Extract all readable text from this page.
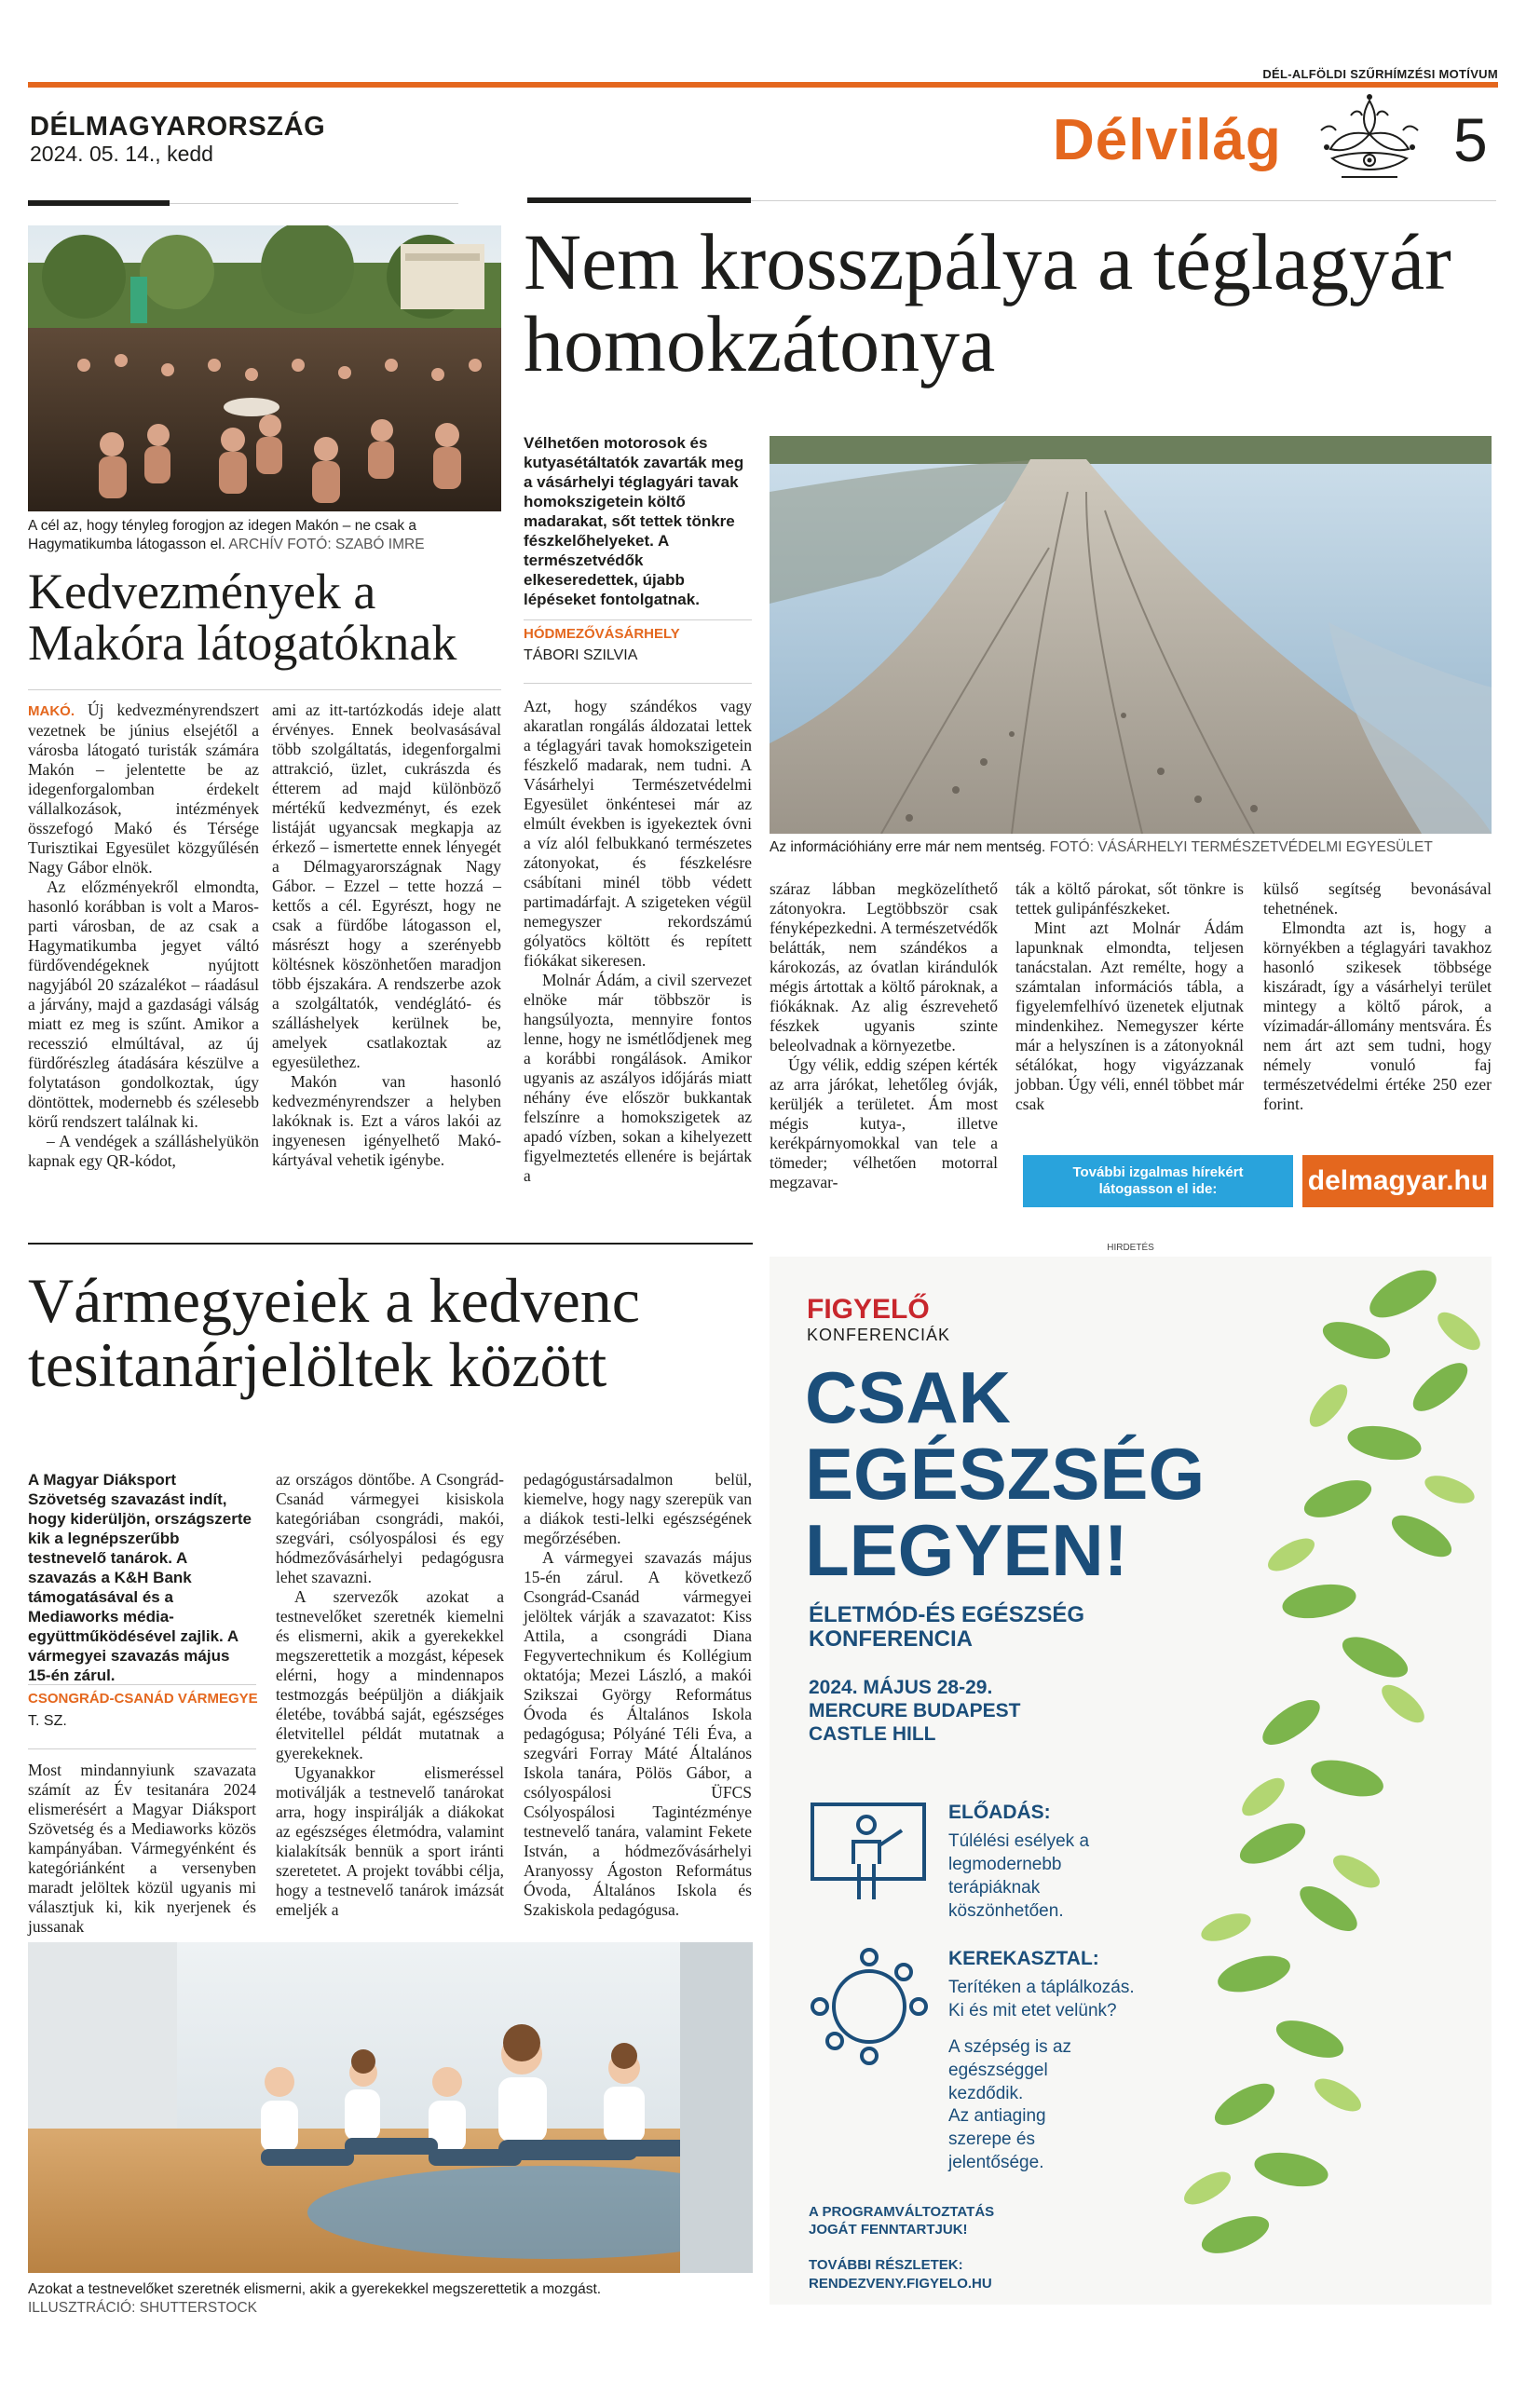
DÉL-ALFÖLDI SZŰRHÍMZÉSI MOTÍVUM
DÉLMAGYARORSZÁG
2024. 05. 14., kedd	Délvilág	5
A cél az, hogy tényleg forogjon az idegen Makón – ne csak a Hagymatikumba látogasson el. ARCHÍV FOTÓ: SZABÓ IMRE
Kedvezmények a Makóra látogatóknak

MAKÓ. Új kedvezményrendszert vezetnek be június elsejétől a városba látogató turisták számára Makón – jelentette be az idegenforgalomban érdekelt vállalkozások, intézmények összefogó Makó és Térsége Turisztikai Egyesület közgyűlésén Nagy Gábor elnök.

Az előzményekről elmondta, hasonló korábban is volt a Maros-parti városban, de az csak a Hagymatikumba jegyet váltó fürdővendégeknek nyújtott nagyjából 20 százalékot – ráadásul a járvány, majd a gazdasági válság miatt ez meg is szűnt. Amikor a recesszió elmúltával, az új fürdőrészleg átadására készülve a folytatáson gondolkoztak, úgy döntöttek, modernebb és szélesebb körű rendszert találnak ki.

– A vendégek a szálláshelyükön kapnak egy QR-kódot,

ami az itt-tartózkodás ideje alatt érvényes. Ennek beolvasásával több szolgáltatás, idegenforgalmi attrakció, üzlet, cukrászda és étterem ad majd különböző mértékű kedvezményt, és ezek listáját ugyancsak megkapja az érkező – ismertette ennek lényegét a Délmagyarországnak Nagy Gábor. – Ezzel – tette hozzá – kettős a cél. Egyrészt, hogy ne csak a fürdőbe látogasson el, másrészt hogy a szerényebb költésnek köszönhetően maradjon több éjszakára. A rendszerbe azok a szolgáltatók, vendéglátó- és szálláshelyek kerülnek be, amelyek csatlakoztak az egyesülethez.

Makón van hasonló kedvezményrendszer a helyben lakóknak is. Ezt a város lakói az ingyenesen igényelhető Makó-kártyával vehetik igénybe.

Nem krosszpálya a téglagyár homokzátonya
Vélhetően motorosok és kutyasétáltatók zavarták meg a vásárhelyi téglagyári tavak homokszigetein költő madarakat, sőt tettek tönkre fészkelőhelyeket. A természetvédők elkeseredettek, újabb lépéseket fontolgatnak.
HÓDMEZŐVÁSÁRHELY
TÁBORI SZILVIA
Az információhiány erre már nem mentség. FOTÓ: VÁSÁRHELYI TERMÉSZETVÉDELMI EGYESÜLET

Azt, hogy szándékos vagy akaratlan rongálás áldozatai lettek a téglagyári tavak homokszigetein fészkelő madarak, nem tudni. A Vásárhelyi Természetvédelmi Egyesület önkéntesei már az elmúlt években is igyekeztek óvni a víz alól felbukkanó természetes zátonyokat, és fészkelésre csábítani minél több védett partimadárfajt. A szigeteken végül nemegyszer rekordszámú gólyatöcs költött és repített fiókákat sikeresen.

Molnár Ádám, a civil szervezet elnöke már többször is hangsúlyozta, mennyire fontos lenne, hogy ne ismétlődjenek meg a korábbi rongálások. Amikor ugyanis az aszályos időjárás miatt néhány éve először bukkantak felszínre a homokszigetek az apadó vízben, sokan a kihelyezett figyelmeztetés ellenére is bejártak a

száraz lábban megközelíthető zátonyokra. Legtöbbször csak fényképezkedni. A természetvédők belátták, nem szándékos a károkozás, az óvatlan kirándulók mégis ártottak a költő pároknak, a fiókáknak. Az alig észrevehető fészkek ugyanis szinte beleolvadnak a környezetbe.

Úgy vélik, eddig szépen kérték az arra járókat, lehetőleg óvják, kerüljék a területet. Ám most mégis kutya-, illetve kerékpárnyomokkal van tele a tömeder; vélhetően motorral megzavar-

ták a költő párokat, sőt tönkre is tettek gulipánfészkeket.

Mint azt Molnár Ádám lapunknak elmondta, teljesen tanácstalan. Azt remélte, hogy a számtalan információs tábla, a figyelemfelhívó üzenetek eljutnak mindenkihez. Nemegyszer kérte már a helyszínen is a zátonyoknál sétálókat, hogy vigyázzanak jobban. Úgy véli, ennél többet már csak

külső segítség bevonásával tehetnének.

Elmondta azt is, hogy a környékben a téglagyári tavakhoz hasonló szikesek többsége kiszáradt, így a vásárhelyi terület mintegy a költő párok, a vízimadár-állomány mentsvára. És nem árt azt sem tudni, hogy némely vonuló faj természetvédelmi értéke 250 ezer forint.

További izgalmas hírekért látogasson el ide:	delmagyar.hu
Vármegyeiek a kedvenc tesitanárjelöltek között
A Magyar Diáksport Szövetség szavazást indít, hogy kiderüljön, országszerte kik a legnépszerűbb testnevelő tanárok. A szavazás a K&H Bank támogatásával és a Mediaworks média-együttműködésével zajlik. A vármegyei szavazás május 15-én zárul.
CSONGRÁD-CSANÁD VÁRMEGYE
T. SZ.

Most mindannyiunk szavazata számít az Év tesitanára 2024 elismerésért a Magyar Diáksport Szövetség és a Mediaworks közös kampányában. Vármegyénként és kategóriánként a versenyben maradt jelöltek közül ugyanis mi választjuk ki, kik nyerjenek és jussanak

az országos döntőbe. A Csongrád-Csanád vármegyei kisiskola kategóriában csongrádi, makói, szegvári, csólyospálosi és egy hódmezővásárhelyi pedagógusra lehet szavazni.

A szervezők azokat a testnevelőket szeretnék kiemelni és elismerni, akik a gyerekekkel megszerettetik a mozgást, képesek elérni, hogy a mindennapos testmozgás beépüljön a diákjaik életébe, továbbá saját, egészséges életvitellel példát mutatnak a gyerekeknek.

Ugyanakkor elismeréssel motiválják a testnevelő tanárokat arra, hogy inspirálják a diákokat az egészséges életmódra, valamint kialakítsák bennük a sport iránti szeretetet. A projekt további célja, hogy a testnevelő tanárok imázsát emeljék a

pedagógustársadalmon belül, kiemelve, hogy nagy szerepük van a diákok testi-lelki egészségének megőrzésében.

A vármegyei szavazás május 15-én zárul. A következő Csongrád-Csanád vármegyei jelöltek várják a szavazatot: Kiss Attila, a csongrádi Diana Fegyvertechnikum és Kollégium oktatója; Mezei László, a makói Szikszai György Református Óvoda és Általános Iskola pedagógusa; Pólyáné Téli Éva, a szegvári Forray Máté Általános Iskola tanára, Pölös Gábor, a csólyospálosi ÜFCS Csólyospálosi Tagintézménye testnevelő tanára, valamint Fekete István, a hódmezővásárhelyi Aranyossy Ágoston Református Óvoda, Általános Iskola és Szakiskola pedagógusa.

Azokat a testnevelőket szeretnék elismerni, akik a gyerekekkel megszerettetik a mozgást.
ILLUSZTRÁCIÓ: SHUTTERSTOCK
HIRDETÉS
FIGYELŐ
KONFERENCIÁK
CSAK
EGÉSZSÉG
LEGYEN!
ÉLETMÓD-ÉS EGÉSZSÉG KONFERENCIA
2024. MÁJUS 28-29.
MERCURE BUDAPEST
CASTLE HILL
ELŐADÁS:
Túlélési esélyek a legmodernebb terápiáknak köszönhetően.
KEREKASZTAL:
Terítéken a táplálkozás. Ki és mit etet velünk?
A szépség is az egészséggel kezdődik.
Az antiaging szerepe és jelentősége.
A PROGRAMVÁLTOZTATÁS JOGÁT FENNTARTJUK!
TOVÁBBI RÉSZLETEK:
RENDEZVENY.FIGYELO.HU
